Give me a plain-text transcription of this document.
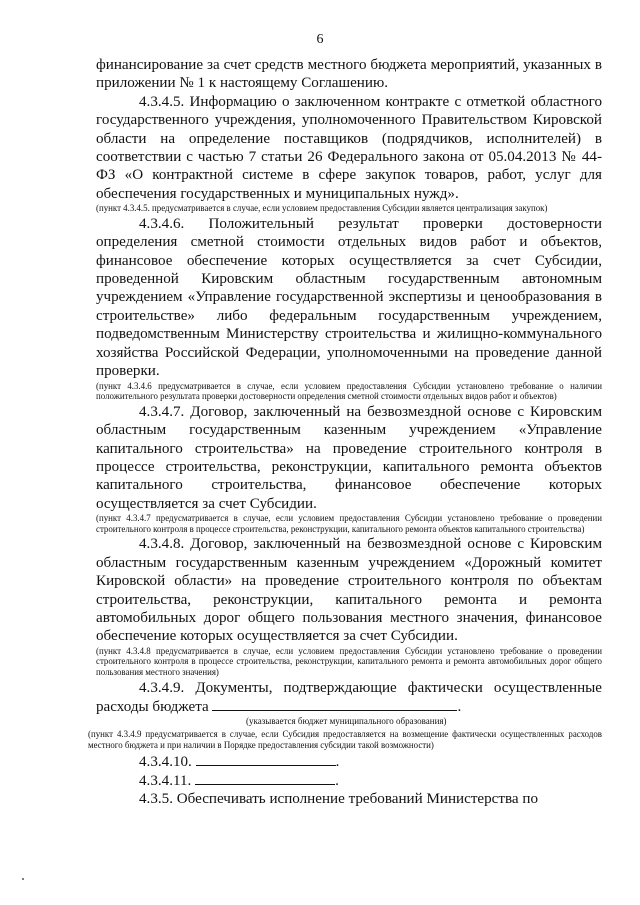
6

финансирование за счет средств местного бюджета мероприятий, указанных в приложении № 1 к настоящему Соглашению.

4.3.4.5. Информацию о заключенном контракте с отметкой областного государственного учреждения, уполномоченного Правительством Кировской области на определение поставщиков (подрядчиков, исполнителей) в соответствии с частью 7 статьи 26 Федерального закона от 05.04.2013 № 44-ФЗ «О контрактной системе в сфере закупок товаров, работ, услуг для обеспечения государственных и муниципальных нужд».

(пункт 4.3.4.5. предусматривается в случае, если условием предоставления Субсидии является централизация закупок)

4.3.4.6. Положительный результат проверки достоверности определения сметной стоимости отдельных видов работ и объектов, финансовое обеспечение которых осуществляется за счет Субсидии, проведенной Кировским областным государственным автономным учреждением «Управление государственной экспертизы и ценообразования в строительстве» либо федеральным государственным учреждением, подведомственным Министерству строительства и жилищно-коммунального хозяйства Российской Федерации, уполномоченными на проведение данной проверки.

(пункт 4.3.4.6 предусматривается в случае, если условием предоставления Субсидии установлено требование о наличии положительного результата проверки достоверности определения сметной стоимости отдельных видов работ и объектов)

4.3.4.7. Договор, заключенный на безвозмездной основе с Кировским областным государственным казенным учреждением «Управление капитального строительства» на проведение строительного контроля в процессе строительства, реконструкции, капитального ремонта объектов капитального строительства, финансовое обеспечение которых осуществляется за счет Субсидии.

(пункт 4.3.4.7 предусматривается в случае, если условием предоставления Субсидии установлено требование о проведении строительного контроля в процессе строительства, реконструкции, капитального ремонта объектов капитального строительства)

4.3.4.8. Договор, заключенный на безвозмездной основе с Кировским областным государственным казенным учреждением «Дорожный комитет Кировской области» на проведение строительного контроля по объектам строительства, реконструкции, капитального ремонта и ремонта автомобильных дорог общего пользования местного значения, финансовое обеспечение которых осуществляется за счет Субсидии.

(пункт 4.3.4.8 предусматривается в случае, если условием предоставления Субсидии установлено требование о проведении строительного контроля в процессе строительства, реконструкции, капитального ремонта и ремонта автомобильных дорог общего пользования местного значения)

4.3.4.9. Документы, подтверждающие фактически осуществленные расходы бюджета	.

(указывается бюджет муниципального образования)

(пункт 4.3.4.9 предусматривается в случае, если Субсидия предоставляется на возмещение фактически осуществленных расходов местного бюджета и при наличии в Порядке предоставления субсидии такой возможности)

4.3.4.10.	.

4.3.4.11.	.

4.3.5. Обеспечивать исполнение требований Министерства по
